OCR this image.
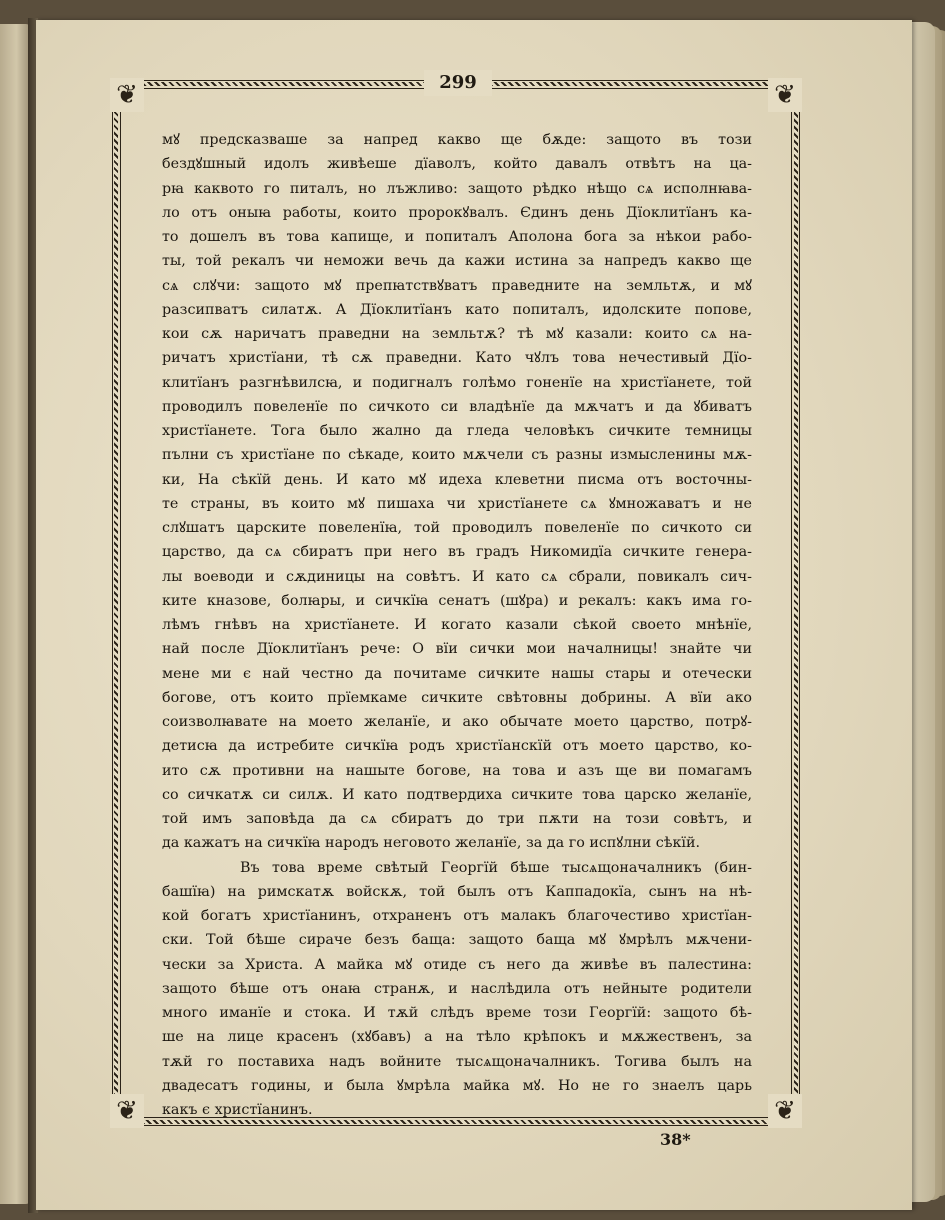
❦	❦
❦	❦
299
мꙋ предсказваше за напред какво ще бѫде: защото въ този
бездꙋшный идолъ живѣеше дїаволъ, който давалъ отвѣтъ на ца-
рꙗ каквото го питалъ, но лъжливо: защото рѣдко нѣщо сѧ исполнꙗва-
ло отъ оныꙗ работы, които пророкꙋвалъ. Єдинъ день Дїоклитїанъ ка-
то дошелъ въ това капище, и попиталъ Аполона бога за нѣкои рабо-
ты, той рекалъ чи неможи вечь да кажи истина за напредъ какво ще
сѧ слꙋчи: защото мꙋ препꙗтствꙋватъ праведните на земльтѫ, и мꙋ
разсипватъ силатѫ. А Дїоклитїанъ като попиталъ, идолските попове,
кои сѫ наричатъ праведни на земльтѫ? тѣ мꙋ казали: които сѧ на-
ричатъ христїани, тѣ сѫ праведни. Като чꙋлъ това нечестивый Дїо-
клитїанъ разгнѣвилсꙗ, и подигналъ голѣмо гоненїе на христїанете, той
проводилъ повеленїе по сичкото си владѣнїе да мѫчатъ и да ꙋбиватъ
христїанете. Тога было жално да гледа человѣкъ сичките темницы
пълни съ христїане по сѣкаде, които мѫчели съ разны измысленины мѫ-
ки, На сѣкїй день. И като мꙋ идеха клеветни писма отъ восточны-
те страны, въ които мꙋ пишаха чи христїанете сѧ ꙋмножаватъ и не
слꙋшатъ царските повеленїꙗ, той проводилъ повеленїе по сичкото си
царство, да сѧ сбиратъ при него въ градъ Никомидїа сичките генера-
лы воеводи и сѫдиницы на совѣтъ. И като сѧ сбрали, повикалъ сич-
ките кназове, болꙗры, и сичкїꙗ сенатъ (шꙋра) и рекалъ: какъ има го-
лѣмъ гнѣвъ на христїанете. И когато казали сѣкой своето мнѣнїе,
най после Дїоклитїанъ рече: О вїи сички мои началницы! знайте чи
мене ми є най честно да почитаме сичките нашы стары и отечески
богове, отъ които прїемкаме сичките свѣтовны добрины. А вїи ако
соизволꙗвате на моето желанїе, и ако обычате моето царство, потрꙋ-
детисꙗ да истребите сичкїꙗ родъ христїанскїй отъ моето царство, ко-
ито сѫ противни на нашыте богове, на това и азъ ще ви помагамъ
со сичкатѫ си силѫ. И като подтвердиха сичките това царско желанїе,
той имъ заповѣда да сѧ сбиратъ до три пѫти на този совѣтъ, и
да кажатъ на сичкїꙗ народъ неговото желанїе, за да го испꙋлни сѣкїй.
Въ това време свѣтый Георгїй бѣше тысѧщоначалникъ (бин-
башїꙗ) на римскатѫ войскѫ, той былъ отъ Каппадокїа, сынъ на нѣ-
кой богатъ христїанинъ, отхраненъ отъ малакъ благочестиво христїан-
ски. Той бѣше сираче безъ баща: защото баща мꙋ ꙋмрѣлъ мѫчени-
чески за Христа. А майка мꙋ отиде съ него да живѣе въ палестина:
защото бѣше отъ онаꙗ странѫ, и наслѣдила отъ нейныте родители
много иманїе и стока. И тѫй слѣдъ време този Георгїй: защото бѣ-
ше на лице красенъ (хꙋбавъ) а на тѣло крѣпокъ и мѫжественъ, за
тѫй го поставиха надъ войните тысѧщоначалникъ. Тогива былъ на
двадесатъ годины, и была ꙋмрѣла майка мꙋ. Но не го знаелъ царь
какъ є христїанинъ.
38*
